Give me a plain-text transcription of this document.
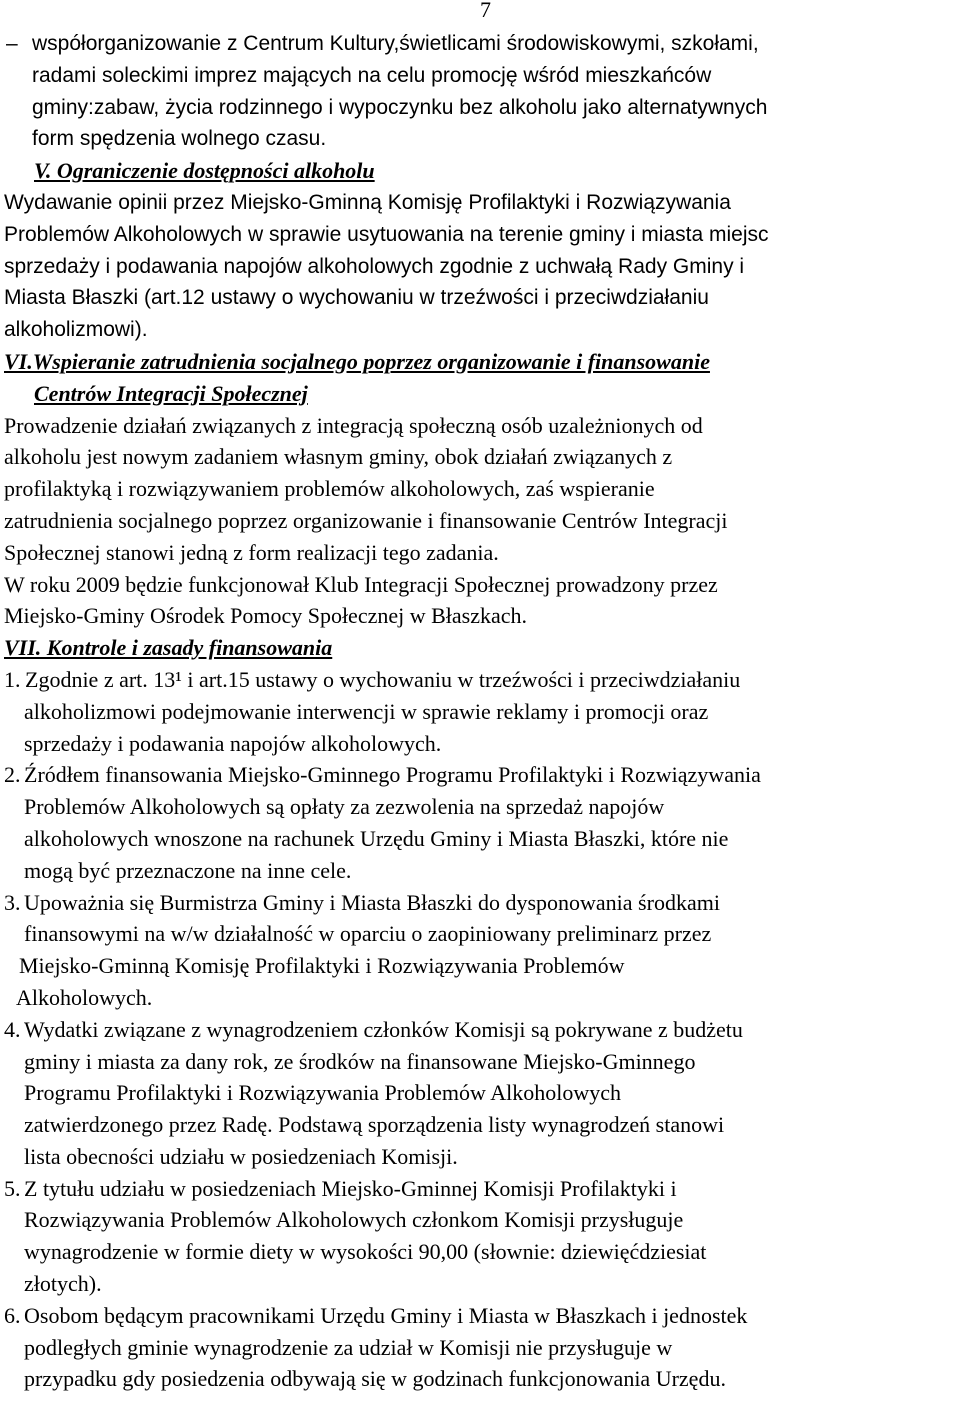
7
– współorganizowanie z Centrum Kultury,świetlicami środowiskowymi, szkołami,
radami soleckimi imprez mających na celu promocję wśród mieszkańców
gminy:zabaw, życia rodzinnego i wypoczynku bez alkoholu jako alternatywnych
form spędzenia wolnego czasu.
V. Ograniczenie dostępności alkoholu
Wydawanie opinii przez Miejsko-Gminną Komisję Profilaktyki i Rozwiązywania
Problemów Alkoholowych w sprawie usytuowania na terenie gminy i miasta miejsc
sprzedaży i podawania napojów alkoholowych zgodnie z uchwałą Rady Gminy i
Miasta Błaszki (art.12 ustawy o wychowaniu w trzeźwości i przeciwdziałaniu
alkoholizmowi).
VI.Wspieranie zatrudnienia socjalnego poprzez organizowanie i finansowanie
Centrów Integracji Społecznej
Prowadzenie działań związanych z integracją społeczną osób uzależnionych od
alkoholu jest nowym zadaniem własnym gminy, obok działań związanych z
profilaktyką i rozwiązywaniem problemów alkoholowych, zaś wspieranie
zatrudnienia socjalnego poprzez organizowanie i finansowanie Centrów Integracji
Społecznej stanowi jedną z form realizacji tego zadania.
W roku 2009 będzie funkcjonował Klub Integracji Społecznej prowadzony przez
Miejsko-Gminy Ośrodek Pomocy Społecznej w Błaszkach.
VII. Kontrole i zasady finansowania
1. Zgodnie z art. 13¹ i art.15 ustawy o wychowaniu w trzeźwości i przeciwdziałaniu
alkoholizmowi podejmowanie interwencji w sprawie reklamy i promocji oraz
sprzedaży i podawania napojów alkoholowych.
2. Źródłem finansowania Miejsko-Gminnego Programu Profilaktyki i Rozwiązywania
Problemów Alkoholowych są opłaty za zezwolenia na sprzedaż napojów
alkoholowych wnoszone na rachunek Urzędu Gminy i Miasta Błaszki, które nie
mogą być przeznaczone na inne cele.
3. Upoważnia się Burmistrza Gminy i Miasta Błaszki do dysponowania środkami
finansowymi na w/w działalność w oparciu o zaopiniowany preliminarz przez
Miejsko-Gminną Komisję Profilaktyki i Rozwiązywania Problemów
Alkoholowych.
4. Wydatki związane z wynagrodzeniem członków Komisji są pokrywane z budżetu
gminy i miasta za dany rok, ze środków na finansowane Miejsko-Gminnego
Programu Profilaktyki i Rozwiązywania Problemów Alkoholowych
zatwierdzonego przez Radę. Podstawą sporządzenia listy wynagrodzeń stanowi
lista obecności udziału w posiedzeniach Komisji.
5. Z tytułu udziału w posiedzeniach Miejsko-Gminnej Komisji Profilaktyki i
Rozwiązywania Problemów Alkoholowych członkom Komisji przysługuje
wynagrodzenie w formie diety w wysokości 90,00 (słownie: dziewięćdziesiat
złotych).
6. Osobom będącym pracownikami Urzędu Gminy i Miasta w Błaszkach i jednostek
podległych gminie wynagrodzenie za udział w Komisji nie przysługuje w
przypadku gdy posiedzenia odbywają się w godzinach funkcjonowania Urzędu.
